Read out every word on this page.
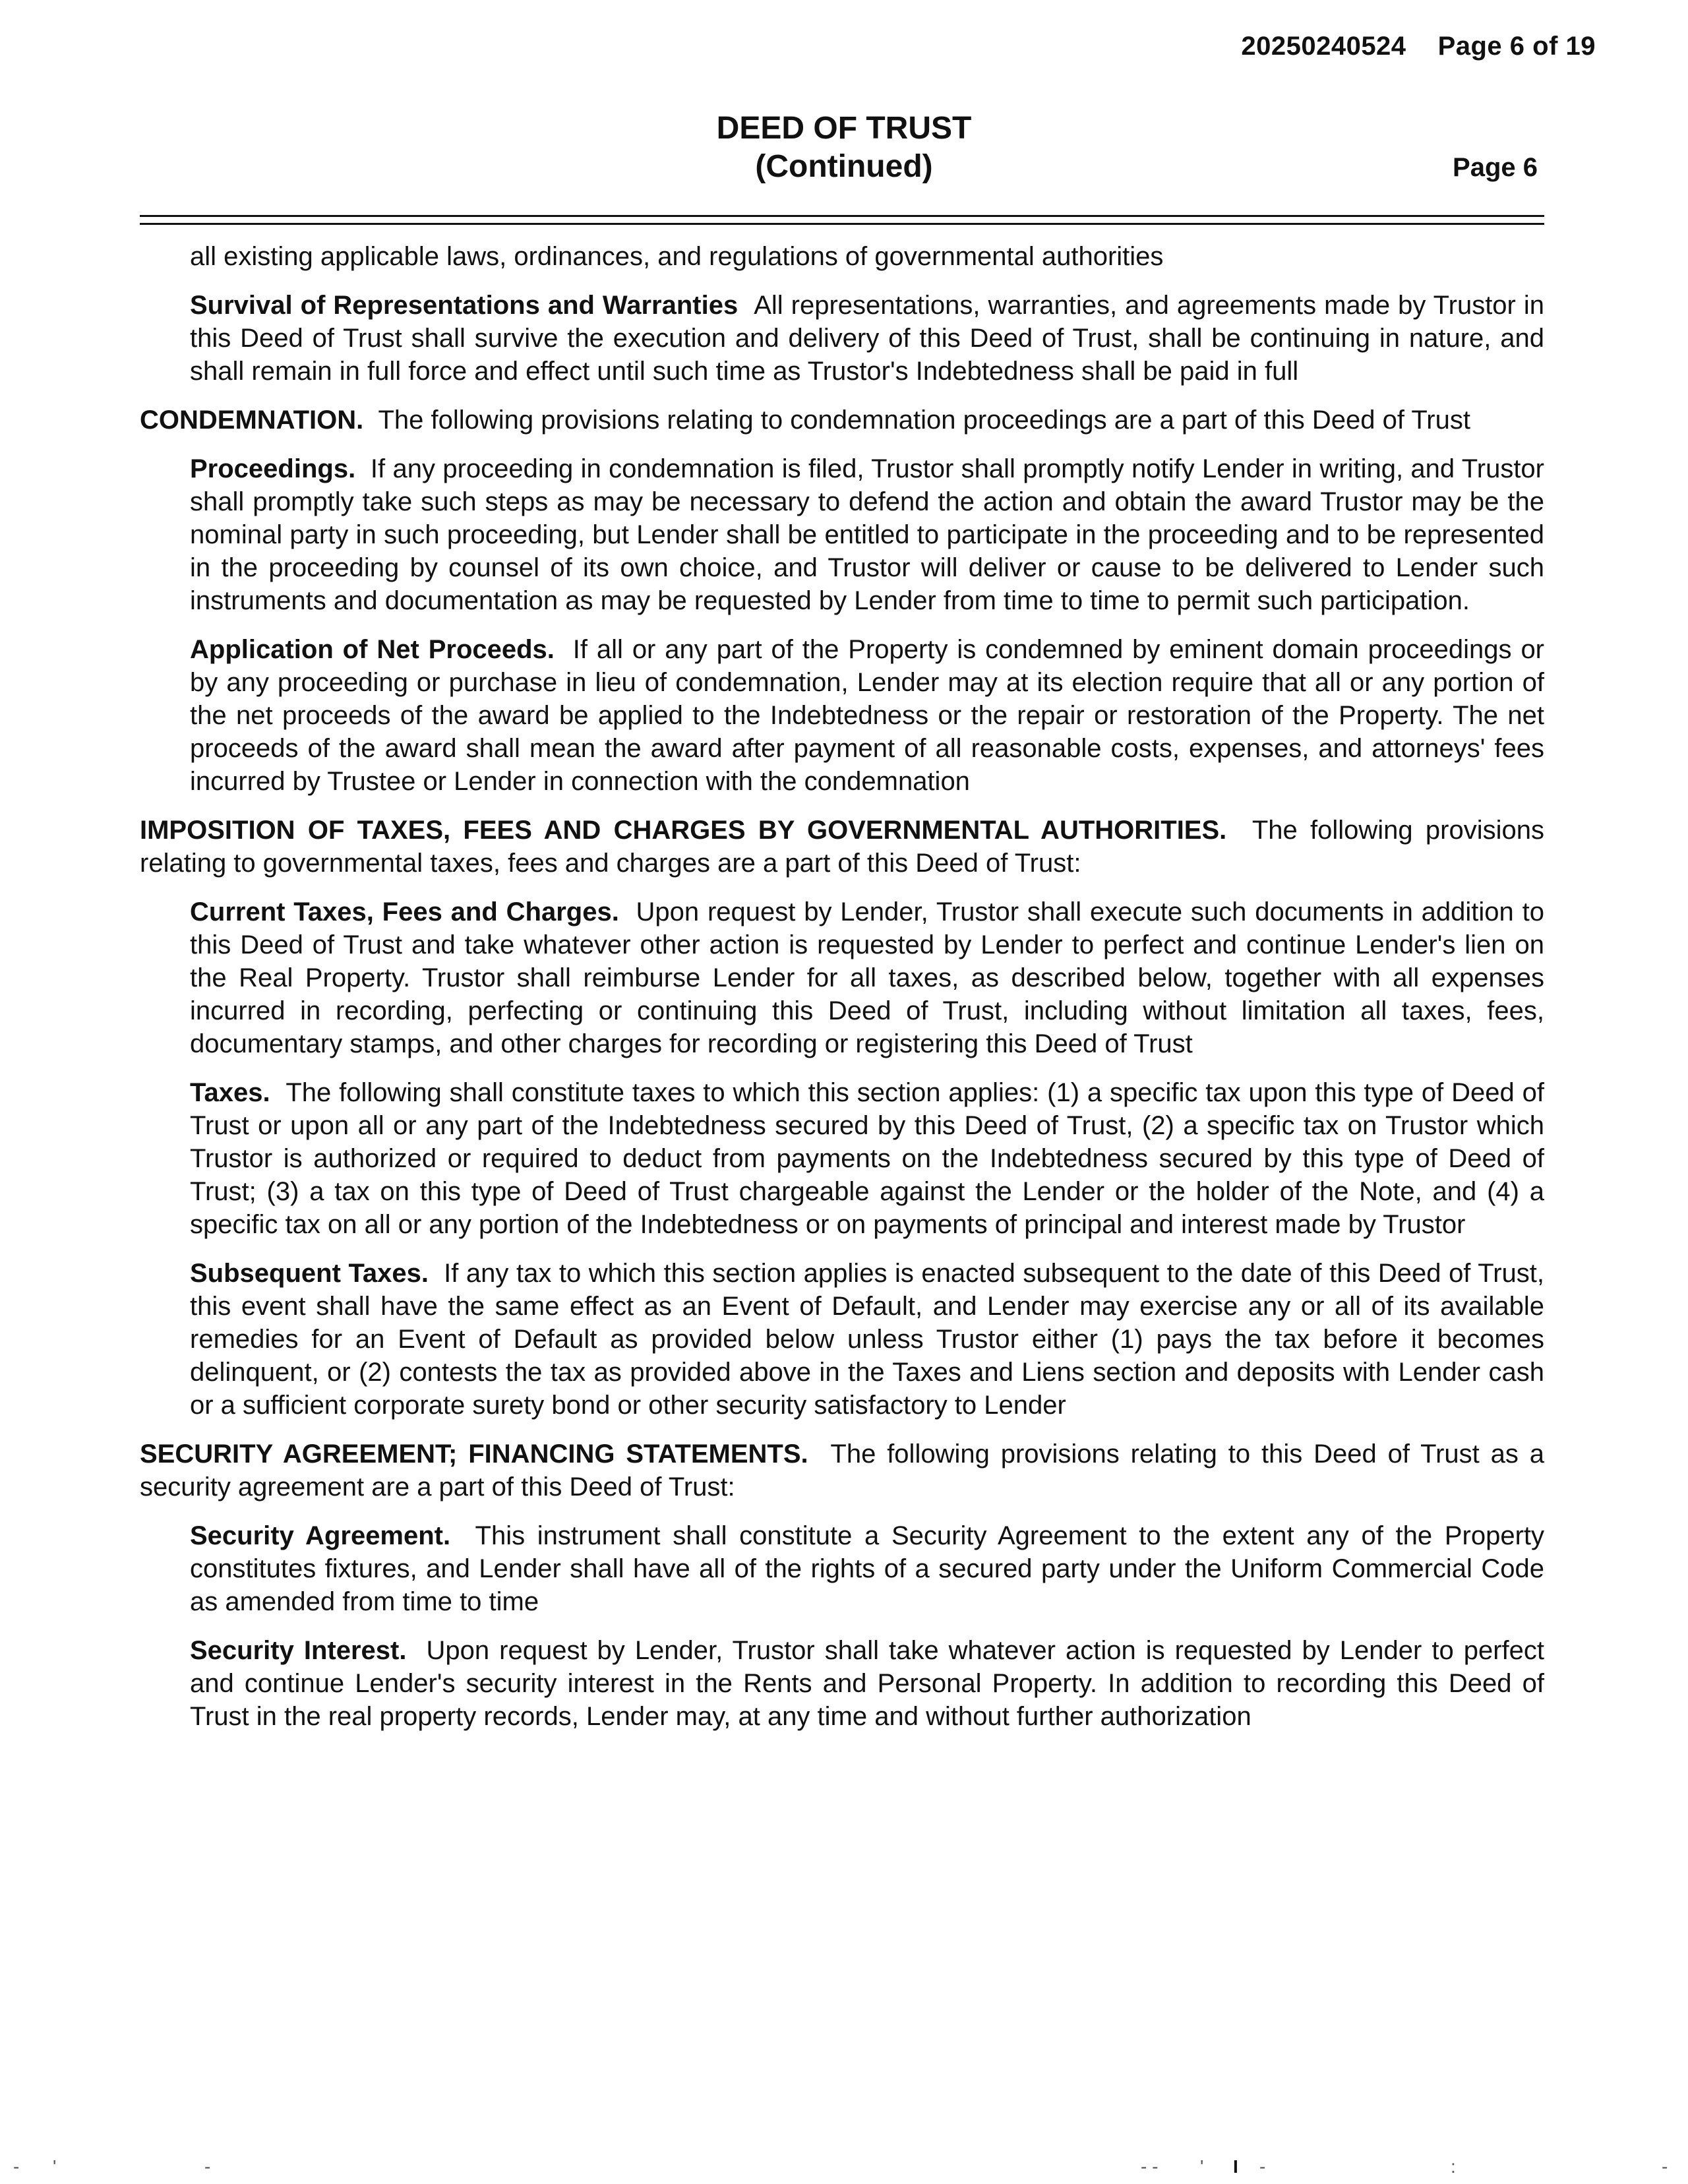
20250240524 Page 6 of 19
DEED OF TRUST
(Continued)	Page 6

all existing applicable laws, ordinances, and regulations of governmental authorities

Survival of Representations and Warranties All representations, warranties, and agreements made by Trustor in this Deed of Trust shall survive the execution and delivery of this Deed of Trust, shall be continuing in nature, and shall remain in full force and effect until such time as Trustor's Indebtedness shall be paid in full

CONDEMNATION. The following provisions relating to condemnation proceedings are a part of this Deed of Trust

Proceedings. If any proceeding in condemnation is filed, Trustor shall promptly notify Lender in writing, and Trustor shall promptly take such steps as may be necessary to defend the action and obtain the award Trustor may be the nominal party in such proceeding, but Lender shall be entitled to participate in the proceeding and to be represented in the proceeding by counsel of its own choice, and Trustor will deliver or cause to be delivered to Lender such instruments and documentation as may be requested by Lender from time to time to permit such participation.

Application of Net Proceeds. If all or any part of the Property is condemned by eminent domain proceedings or by any proceeding or purchase in lieu of condemnation, Lender may at its election require that all or any portion of the net proceeds of the award be applied to the Indebtedness or the repair or restoration of the Property. The net proceeds of the award shall mean the award after payment of all reasonable costs, expenses, and attorneys' fees incurred by Trustee or Lender in connection with the condemnation

IMPOSITION OF TAXES, FEES AND CHARGES BY GOVERNMENTAL AUTHORITIES. The following provisions relating to governmental taxes, fees and charges are a part of this Deed of Trust:

Current Taxes, Fees and Charges. Upon request by Lender, Trustor shall execute such documents in addition to this Deed of Trust and take whatever other action is requested by Lender to perfect and continue Lender's lien on the Real Property. Trustor shall reimburse Lender for all taxes, as described below, together with all expenses incurred in recording, perfecting or continuing this Deed of Trust, including without limitation all taxes, fees, documentary stamps, and other charges for recording or registering this Deed of Trust

Taxes. The following shall constitute taxes to which this section applies: (1) a specific tax upon this type of Deed of Trust or upon all or any part of the Indebtedness secured by this Deed of Trust, (2) a specific tax on Trustor which Trustor is authorized or required to deduct from payments on the Indebtedness secured by this type of Deed of Trust; (3) a tax on this type of Deed of Trust chargeable against the Lender or the holder of the Note, and (4) a specific tax on all or any portion of the Indebtedness or on payments of principal and interest made by Trustor

Subsequent Taxes. If any tax to which this section applies is enacted subsequent to the date of this Deed of Trust, this event shall have the same effect as an Event of Default, and Lender may exercise any or all of its available remedies for an Event of Default as provided below unless Trustor either (1) pays the tax before it becomes delinquent, or (2) contests the tax as provided above in the Taxes and Liens section and deposits with Lender cash or a sufficient corporate surety bond or other security satisfactory to Lender

SECURITY AGREEMENT; FINANCING STATEMENTS. The following provisions relating to this Deed of Trust as a security agreement are a part of this Deed of Trust:

Security Agreement. This instrument shall constitute a Security Agreement to the extent any of the Property constitutes fixtures, and Lender shall have all of the rights of a secured party under the Uniform Commercial Code as amended from time to time

Security Interest. Upon request by Lender, Trustor shall take whatever action is requested by Lender to perfect and continue Lender's security interest in the Rents and Personal Property. In addition to recording this Deed of Trust in the real property records, Lender may, at any time and without further authorization

- '	-	- - ' I -	:	-
